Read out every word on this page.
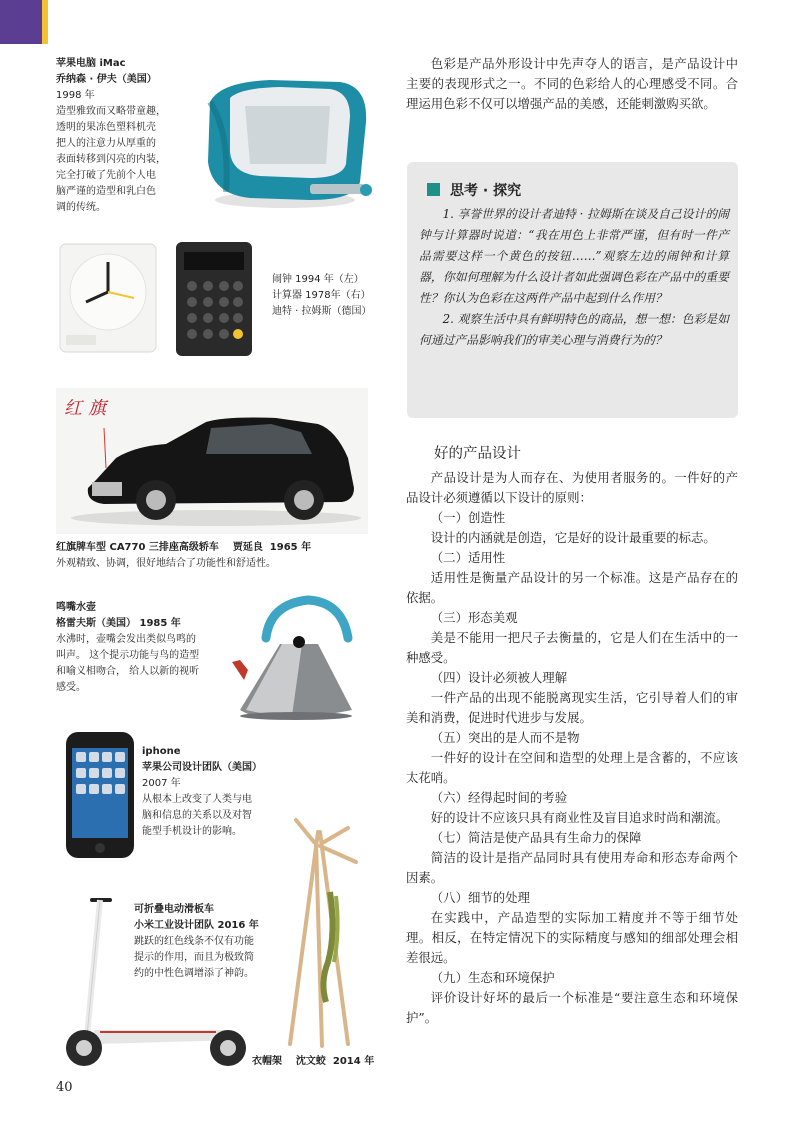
苹果电脑 iMac
乔纳森 · 伊夫（美国）
1998 年
造型雅致而又略带童趣，
透明的果冻色塑料机壳
把人的注意力从厚重的
表面转移到闪亮的内装，
完全打破了先前个人电
脑严谨的造型和乳白色
调的传统。
闹钟 1994 年（左）
计算器 1978年（右）
迪特 · 拉姆斯（德国）
红旗
红旗牌车型 CA770 三排座高级轿车    贾延良  1965 年
外观精致、协调，很好地结合了功能性和舒适性。
鸣嘴水壶
格雷夫斯（美国） 1985 年
水沸时，壶嘴会发出类似鸟鸣的
叫声。 这个提示功能与鸟的造型
和喻义相吻合， 给人以新的视听
感受。
iphone
苹果公司设计团队（美国）
2007 年
从根本上改变了人类与电
脑和信息的关系以及对智
能型手机设计的影响。
可折叠电动滑板车
小米工业设计团队 2016 年
跳跃的红色线条不仅有功能
提示的作用，而且为极致简
约的中性色调增添了神韵。
衣帽架    沈文蛟  2014 年

色彩是产品外形设计中先声夺人的语言，是产品设计中主要的表现形式之一。不同的色彩给人的心理感受不同。合理运用色彩不仅可以增强产品的美感，还能刺激购买欲。

思考 · 探究

1. 享誉世界的设计者迪特 · 拉姆斯在谈及自己设计的闹钟与计算器时说道：“我在用色上非常严谨，但有时一件产品需要这样一个黄色的按钮……”观察左边的闹钟和计算器，你如何理解为什么设计者如此强调色彩在产品中的重要性？你认为色彩在这两件产品中起到什么作用？

2. 观察生活中具有鲜明特色的商品，想一想：色彩是如何通过产品影响我们的审美心理与消费行为的？

好的产品设计

产品设计是为人而存在、为使用者服务的。一件好的产品设计必须遵循以下设计的原则：

（一）创造性

设计的内涵就是创造，它是好的设计最重要的标志。

（二）适用性

适用性是衡量产品设计的另一个标准。这是产品存在的依据。

（三）形态美观

美是不能用一把尺子去衡量的，它是人们在生活中的一种感受。

（四）设计必须被人理解

一件产品的出现不能脱离现实生活，它引导着人们的审美和消费，促进时代进步与发展。

（五）突出的是人而不是物

一件好的设计在空间和造型的处理上是含蓄的，不应该太花哨。

（六）经得起时间的考验

好的设计不应该只具有商业性及盲目追求时尚和潮流。

（七）简洁是使产品具有生命力的保障

简洁的设计是指产品同时具有使用寿命和形态寿命两个因素。

（八）细节的处理

在实践中，产品造型的实际加工精度并不等于细节处理。相反，在特定情况下的实际精度与感知的细部处理会相差很远。

（九）生态和环境保护

评价设计好坏的最后一个标准是“要注意生态和环境保护”。

40
